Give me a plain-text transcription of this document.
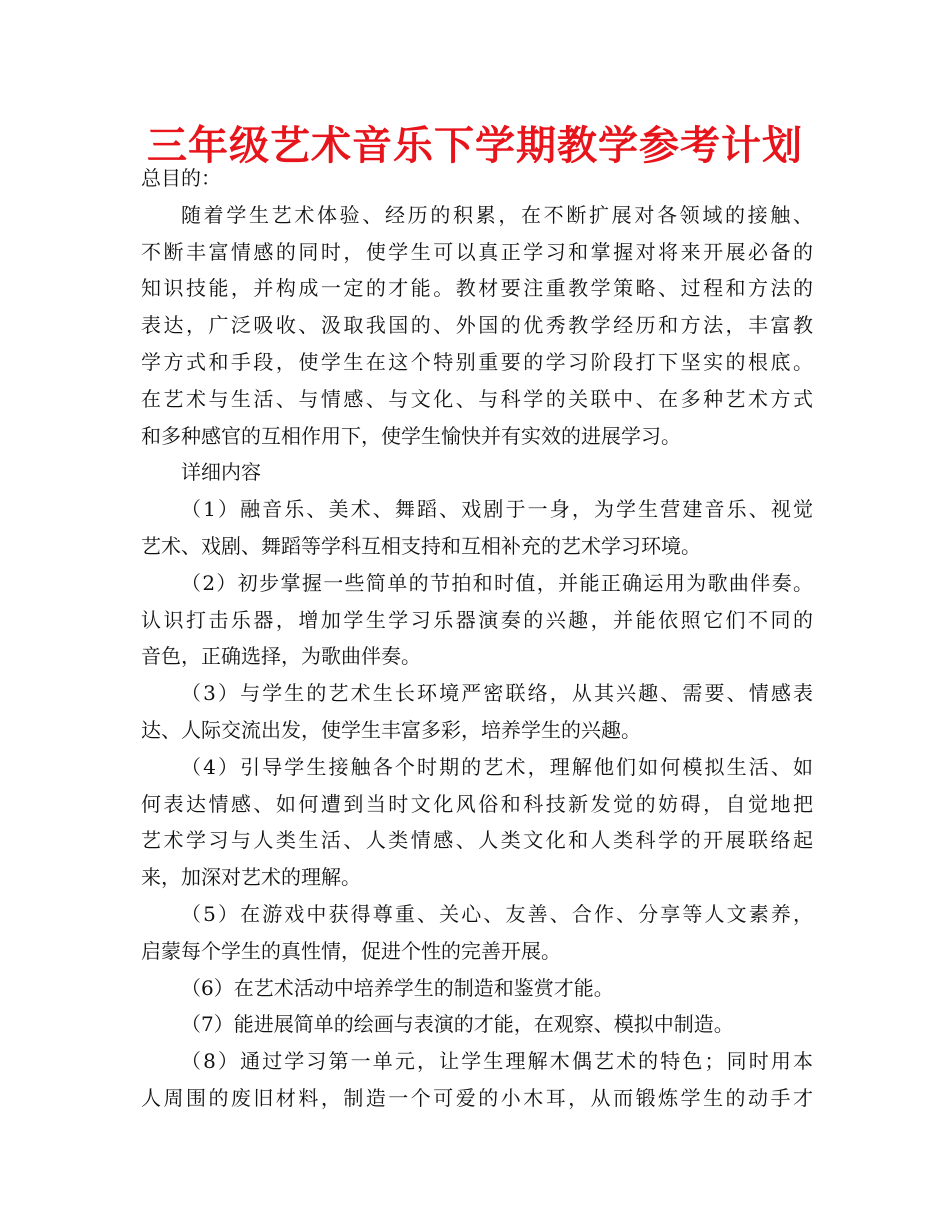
三年级艺术音乐下学期教学参考计划

总目的：

随着学生艺术体验、经历的积累，在不断扩展对各领域的接触、
不断丰富情感的同时，使学生可以真正学习和掌握对将来开展必备的
知识技能，并构成一定的才能。教材要注重教学策略、过程和方法的
表达，广泛吸收、汲取我国的、外国的优秀教学经历和方法，丰富教
学方式和手段，使学生在这个特别重要的学习阶段打下坚实的根底。
在艺术与生活、与情感、与文化、与科学的关联中、在多种艺术方式
和多种感官的互相作用下，使学生愉快并有实效的进展学习。

详细内容

（1）融音乐、美术、舞蹈、戏剧于一身，为学生营建音乐、视觉
艺术、戏剧、舞蹈等学科互相支持和互相补充的艺术学习环境。

（2）初步掌握一些简单的节拍和时值，并能正确运用为歌曲伴奏。
认识打击乐器，增加学生学习乐器演奏的兴趣，并能依照它们不同的
音色，正确选择，为歌曲伴奏。

（3）与学生的艺术生长环境严密联络，从其兴趣、需要、情感表
达、人际交流出发，使学生丰富多彩，培养学生的兴趣。

（4）引导学生接触各个时期的艺术，理解他们如何模拟生活、如
何表达情感、如何遭到当时文化风俗和科技新发觉的妨碍，自觉地把
艺术学习与人类生活、人类情感、人类文化和人类科学的开展联络起
来，加深对艺术的理解。

（5）在游戏中获得尊重、关心、友善、合作、分享等人文素养，
启蒙每个学生的真性情，促进个性的完善开展。

（6）在艺术活动中培养学生的制造和鉴赏才能。

（7）能进展简单的绘画与表演的才能，在观察、模拟中制造。

（8）通过学习第一单元，让学生理解木偶艺术的特色；同时用本
人周围的废旧材料，制造一个可爱的小木耳，从而锻炼学生的动手才
